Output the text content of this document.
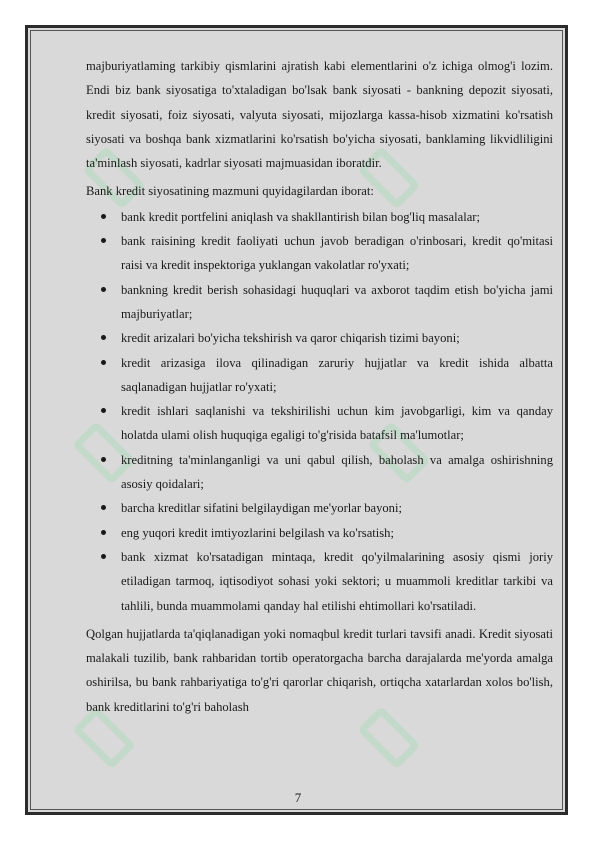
majburiyatlaming tarkibiy qismlarini ajratish kabi elementlarini o'z ichiga olmog'i lozim. Endi biz bank siyosatiga to'xtaladigan bo'lsak bank siyosati - bankning depozit siyosati, kredit siyosati, foiz siyosati, valyuta siyosati, mijozlarga kassa-hisob xizmatini ko'rsatish siyosati va boshqa bank xizmatlarini ko'rsatish bo'yicha siyosati, banklaming likvidliligini ta'minlash siyosati, kadrlar siyosati majmuasidan iboratdir.

Bank kredit siyosatining mazmuni quyidagilardan iborat:

bank kredit portfelini aniqlash va shakllantirish bilan bog'liq masalalar;
bank raisining kredit faoliyati uchun javob beradigan o'rinbosari, kredit qo'mitasi raisi va kredit inspektoriga yuklangan vakolatlar ro'yxati;
bankning kredit berish sohasidagi huquqlari va axborot taqdim etish bo'yicha jami majburiyatlar;
kredit arizalari bo'yicha tekshirish va qaror chiqarish tizimi bayoni;
kredit arizasiga ilova qilinadigan zaruriy hujjatlar va kredit ishida albatta saqlanadigan hujjatlar ro'yxati;
kredit ishlari saqlanishi va tekshirilishi uchun kim javobgarligi, kim va qanday holatda ulami olish huquqiga egaligi to'g'risida batafsil ma'lumotlar;
kreditning ta'minlanganligi va uni qabul qilish, baholash va amalga oshirishning asosiy qoidalari;
barcha kreditlar sifatini belgilaydigan me'yorlar bayoni;
eng yuqori kredit imtiyozlarini belgilash va ko'rsatish;
bank xizmat ko'rsatadigan mintaqa, kredit qo'yilmalarining asosiy qismi joriy etiladigan tarmoq, iqtisodiyot sohasi yoki sektori; u muammoli kreditlar tarkibi va tahlili, bunda muammolami qanday hal etilishi ehtimollari ko'rsatiladi.

Qolgan hujjatlarda ta'qiqlanadigan yoki nomaqbul kredit turlari tavsifi anadi. Kredit siyosati malakali tuzilib, bank rahbaridan tortib operatorgacha barcha darajalarda me'yorda amalga oshirilsa, bu bank rahbariyatiga to'g'ri qarorlar chiqarish, ortiqcha xatarlardan xolos bo'lish, bank kreditlarini to'g'ri baholash

7
